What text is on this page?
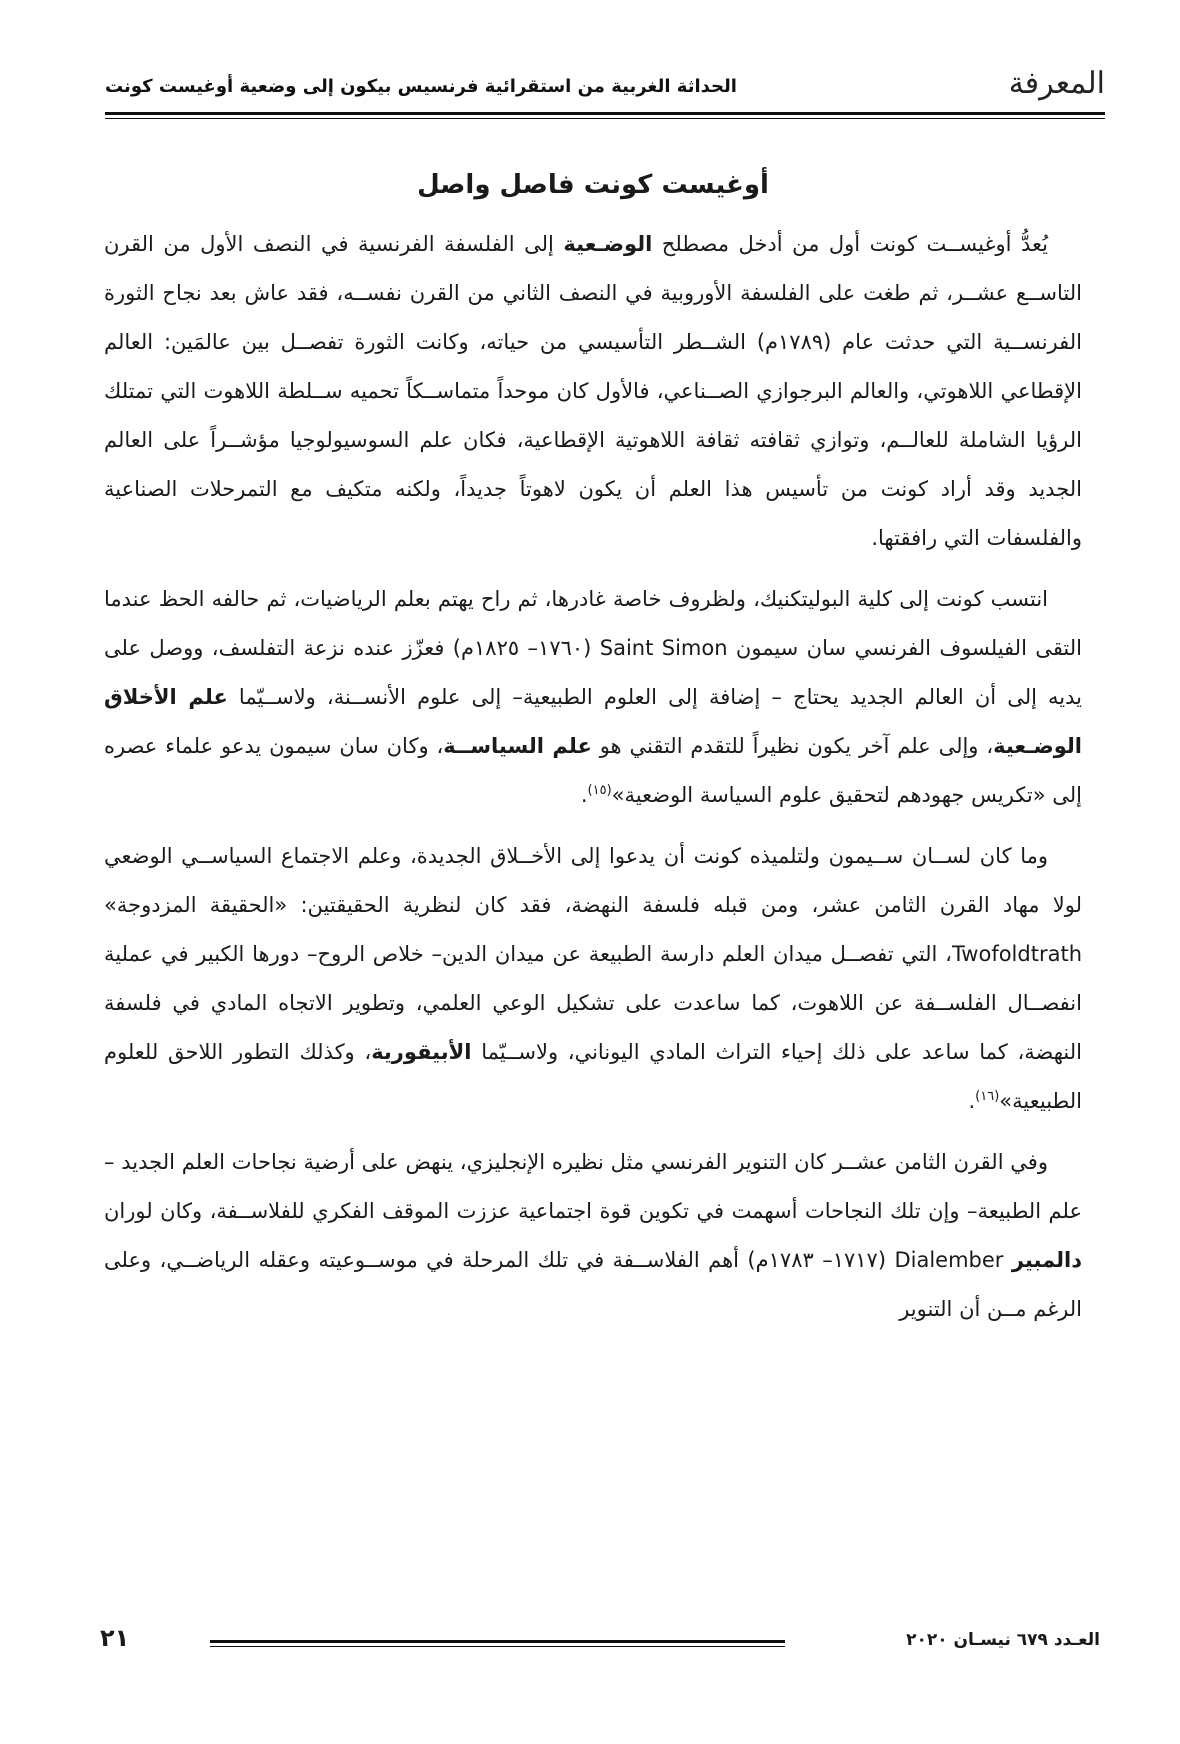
المعرفة
الحداثة الغربية من استقرائية فرنسيس بيكون إلى وضعية أوغيست كونت
أوغيست كونت فاصل واصل

يُعدُّ أوغيســت كونت أول من أدخل مصطلح الوضـعية إلى الفلسفة الفرنسية في النصف الأول من القرن التاســع عشــر، ثم طغت على الفلسفة الأوروبية في النصف الثاني من القرن نفســه، فقد عاش بعد نجاح الثورة الفرنســية التي حدثت عام (١٧٨٩م) الشــطر التأسيسي من حياته، وكانت الثورة تفصــل بين عالمَين: العالم الإقطاعي اللاهوتي، والعالم البرجوازي الصــناعي، فالأول كان موحداً متماســكاً تحميه ســلطة اللاهوت التي تمتلك الرؤيا الشاملة للعالــم، وتوازي ثقافته ثقافة اللاهوتية الإقطاعية، فكان علم السوسيولوجيا مؤشــراً على العالم الجديد وقد أراد كونت من تأسيس هذا العلم أن يكون لاهوتاً جديداً، ولكنه متكيف مع التمرحلات الصناعية والفلسفات التي رافقتها.

انتسب كونت إلى كلية البوليتكنيك، ولظروف خاصة غادرها، ثم راح يهتم بعلم الرياضيات، ثم حالفه الحظ عندما التقى الفيلسوف الفرنسي سان سيمون Saint Simon (١٧٦٠– ١٨٢٥م) فعزّز عنده نزعة التفلسف، ووصل على يديه إلى أن العالم الجديد يحتاج – إضافة إلى العلوم الطبيعية– إلى علوم الأنســنة، ولاســيّما علم الأخلاق الوضـعية، وإلى علم آخر يكون نظيراً للتقدم التقني هو علم السياســة، وكان سان سيمون يدعو علماء عصره إلى «تكريس جهودهم لتحقيق علوم السياسة الوضعية»$^{(١٥)}$.

وما كان لســان ســيمون ولتلميذه كونت أن يدعوا إلى الأخــلاق الجديدة، وعلم الاجتماع السياســي الوضعي لولا مهاد القرن الثامن عشر، ومن قبله فلسفة النهضة، فقد كان لنظرية الحقيقتين: «الحقيقة المزدوجة» Twofoldtrath، التي تفصــل ميدان العلم دارسة الطبيعة عن ميدان الدين– خلاص الروح– دورها الكبير في عملية انفصــال الفلســفة عن اللاهوت، كما ساعدت على تشكيل الوعي العلمي، وتطوير الاتجاه المادي في فلسفة النهضة، كما ساعد على ذلك إحياء التراث المادي اليوناني، ولاســيّما الأبيقورية، وكذلك التطور اللاحق للعلوم الطبيعية»$^{(١٦)}$.

وفي القرن الثامن عشــر كان التنوير الفرنسي مثل نظيره الإنجليزي، ينهض على أرضية نجاحات العلم الجديد – علم الطبيعة– وإن تلك النجاحات أسهمت في تكوين قوة اجتماعية عززت الموقف الفكري للفلاســفة، وكان لوران دالمبير Dialember (١٧١٧– ١٧٨٣م) أهم الفلاســفة في تلك المرحلة في موســوعيته وعقله الرياضــي، وعلى الرغم مــن أن التنوير

٢١	العـدد ٦٧٩ نيسـان ٢٠٢٠
